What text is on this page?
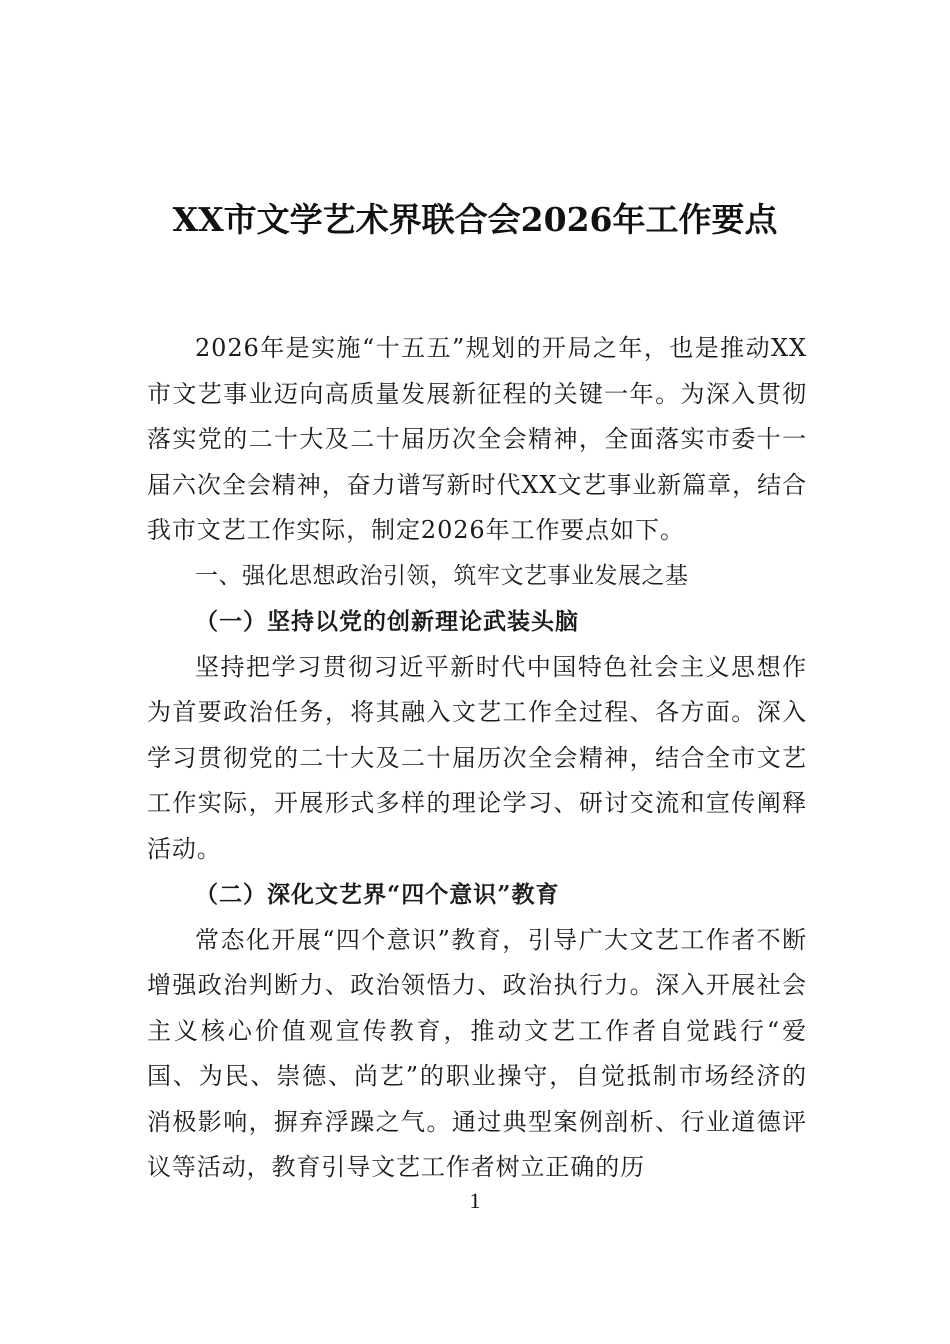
XX市文学艺术界联合会2026年工作要点

2026年是实施“十五五”规划的开局之年，也是推动XX市文艺事业迈向高质量发展新征程的关键一年。为深入贯彻落实党的二十大及二十届历次全会精神，全面落实市委十一届六次全会精神，奋力谱写新时代XX文艺事业新篇章，结合我市文艺工作实际，制定2026年工作要点如下。

一、强化思想政治引领，筑牢文艺事业发展之基
（一）坚持以党的创新理论武装头脑

坚持把学习贯彻习近平新时代中国特色社会主义思想作为首要政治任务，将其融入文艺工作全过程、各方面。深入学习贯彻党的二十大及二十届历次全会精神，结合全市文艺工作实际，开展形式多样的理论学习、研讨交流和宣传阐释活动。

（二）深化文艺界“四个意识”教育

常态化开展“四个意识”教育，引导广大文艺工作者不断增强政治判断力、政治领悟力、政治执行力。深入开展社会主义核心价值观宣传教育，推动文艺工作者自觉践行“爱国、为民、崇德、尚艺”的职业操守，自觉抵制市场经济的消极影响，摒弃浮躁之气。通过典型案例剖析、行业道德评议等活动，教育引导文艺工作者树立正确的历

1
